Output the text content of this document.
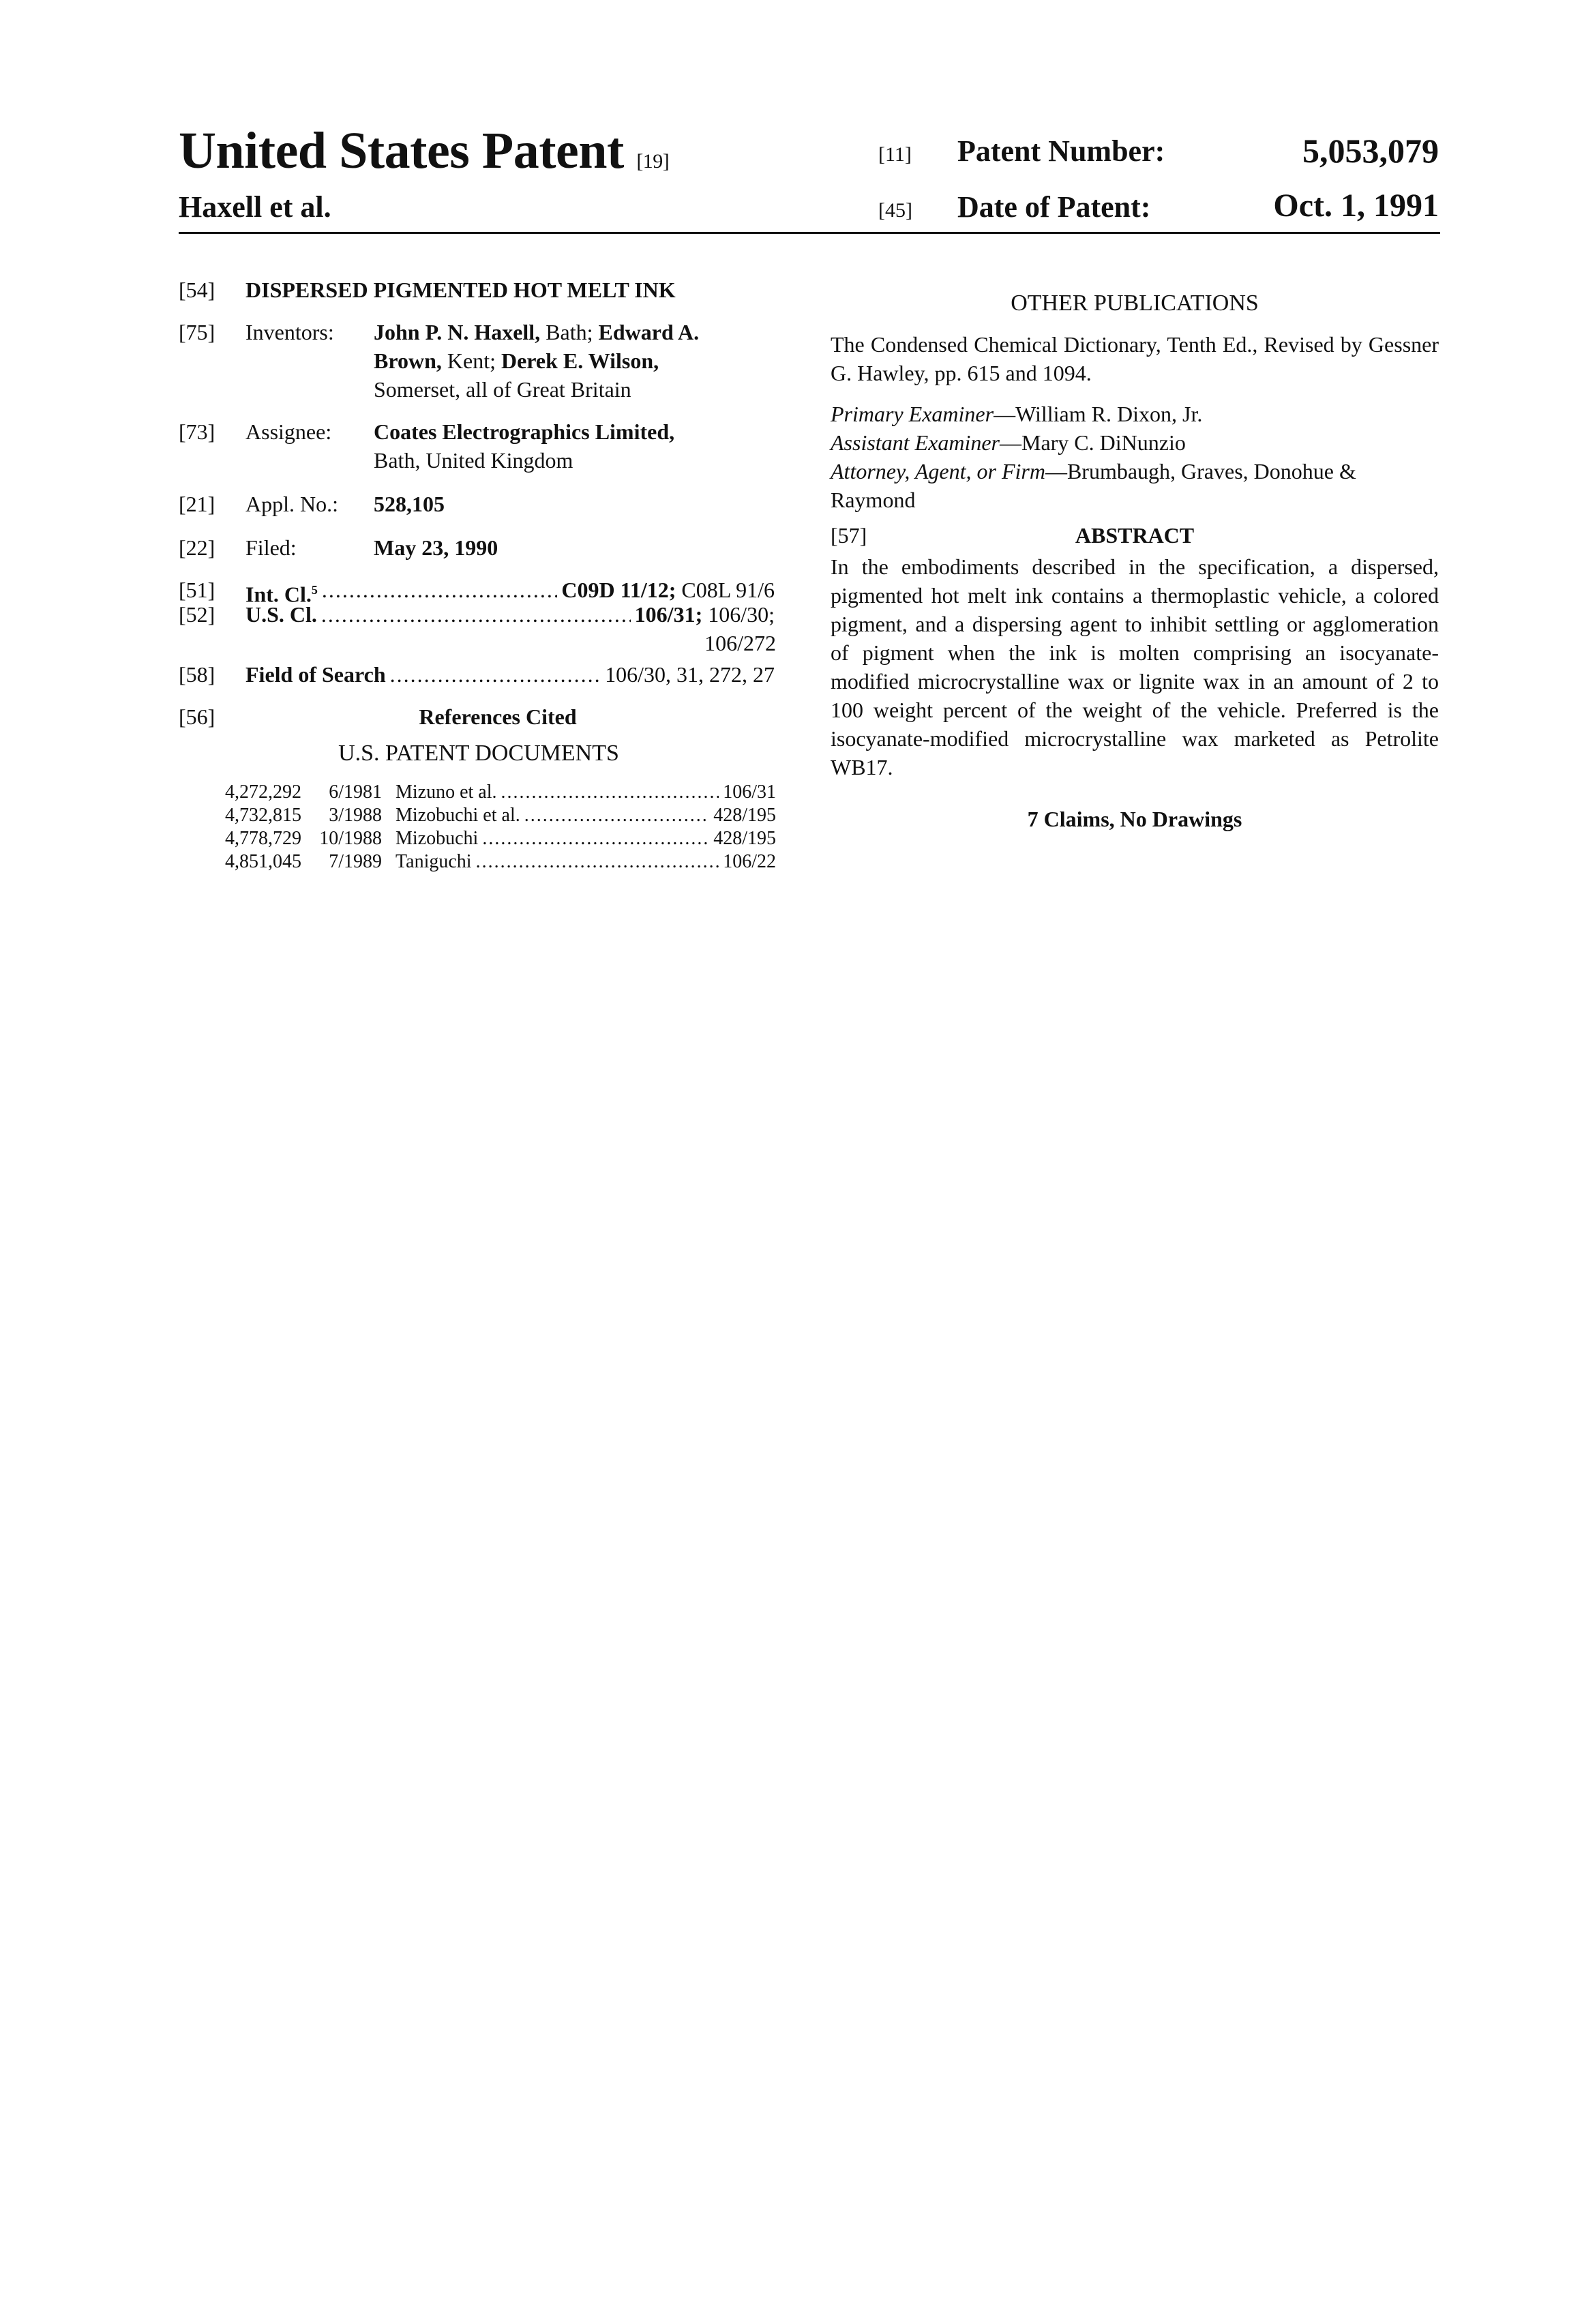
United States Patent [19]
Haxell et al.
[11] Patent Number:	5,053,079
[45] Date of Patent:	Oct. 1, 1991
[54]	DISPERSED PIGMENTED HOT MELT INK
[75]	Inventors:	John P. N. Haxell, Bath; Edward A.
Brown, Kent; Derek E. Wilson,
Somerset, all of Great Britain
[73]	Assignee:	Coates Electrographics Limited,
Bath, United Kingdom
[21]	Appl. No.:	528,105
[22]	Filed:	May 23, 1990
[51]	Int. Cl.5
.....	C09D 11/12; C08L 91/6
[52]	U.S. Cl.
.....	106/31; 106/30;
106/272
[58]	Field of Search
.....	106/30, 31, 272, 27
[56]	References Cited
U.S. PATENT DOCUMENTS
4,272,292	6/1981 Mizuno et al.
.....	106/31
4,732,815	3/1988 Mizobuchi et al.
.....	428/195
4,778,729 10/1988 Mizobuchi
.....	428/195
4,851,045	7/1989 Taniguchi
.....	106/22
OTHER PUBLICATIONS
The Condensed Chemical Dictionary, Tenth Ed., Revised by Gessner G. Hawley, pp. 615 and 1094.
Primary Examiner—William R. Dixon, Jr.
Assistant Examiner—Mary C. DiNunzio
Attorney, Agent, or Firm—Brumbaugh, Graves, Donohue & Raymond
[57]	ABSTRACT
In the embodiments described in the specification, a dispersed, pigmented hot melt ink contains a thermoplastic vehicle, a colored pigment, and a dispersing agent to inhibit settling or agglomeration of pigment when the ink is molten comprising an isocyanate-modified microcrystalline wax or lignite wax in an amount of 2 to 100 weight percent of the weight of the vehicle. Preferred is the isocyanate-modified microcrystalline wax marketed as Petrolite WB17.
7 Claims, No Drawings
